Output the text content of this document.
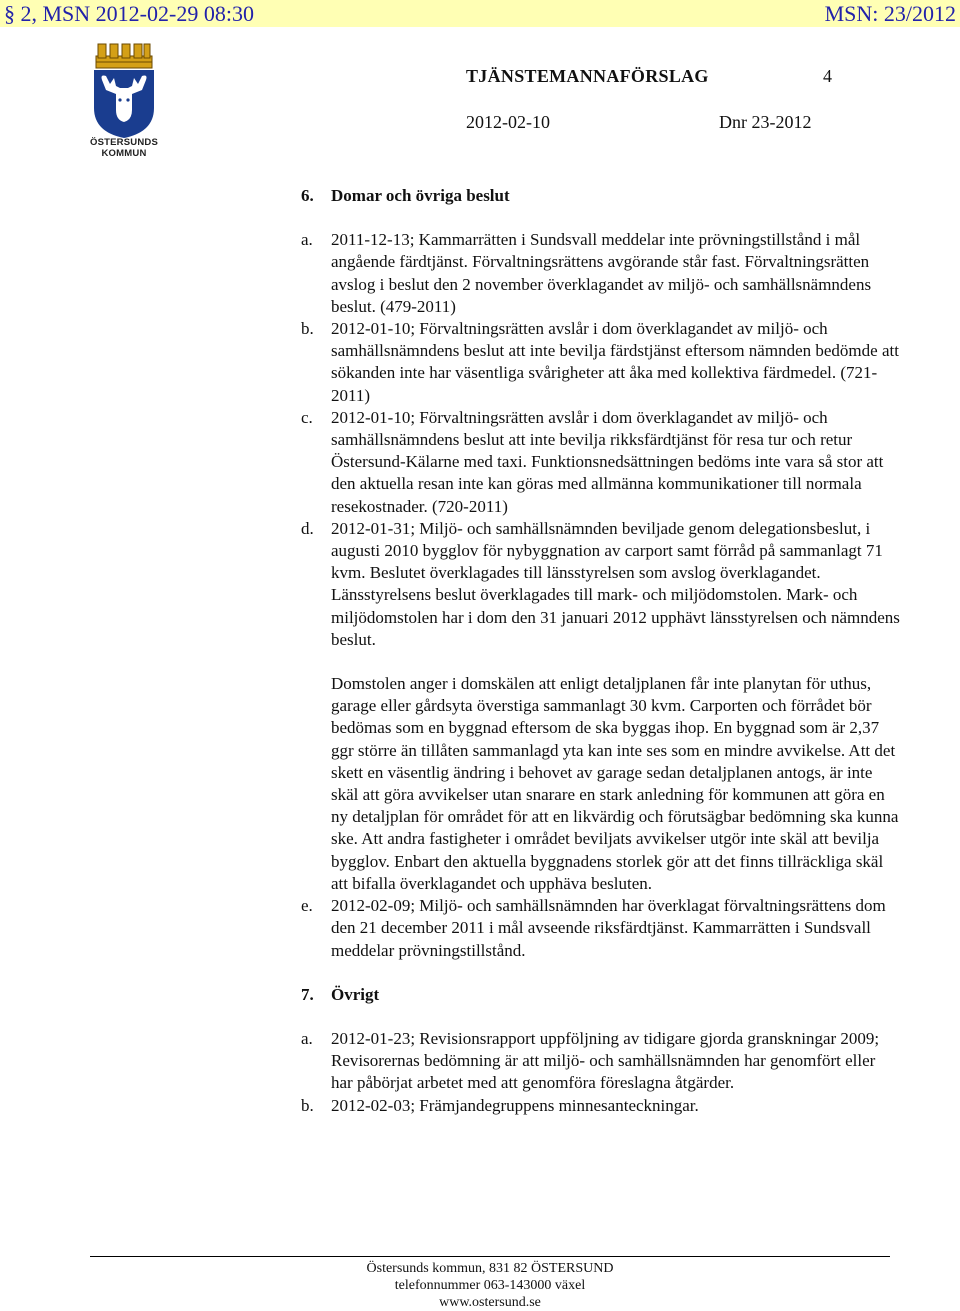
§ 2, MSN 2012-02-29 08:30	MSN: 23/2012
ÖSTERSUNDS
KOMMUN
TJÄNSTEMANNAFÖRSLAG	4
2012-02-10	Dnr 23-2012
6.	Domar och övriga beslut
a.	2011-12-13; Kammarrätten i Sundsvall meddelar inte prövningstillstånd i mål angående färdtjänst. Förvaltningsrättens avgörande står fast. Förvaltningsrätten avslog i beslut den 2 november överklagandet av miljö- och samhällsnämndens beslut. (479-2011)
b.	2012-01-10; Förvaltningsrätten avslår i dom överklagandet av miljö- och samhällsnämndens beslut att inte bevilja färdstjänst eftersom nämnden bedömde att sökanden inte har väsentliga svårigheter att åka med kollektiva färdmedel. (721-2011)
c.	2012-01-10; Förvaltningsrätten avslår i dom överklagandet av miljö- och samhällsnämndens beslut att inte bevilja rikksfärdtjänst för resa tur och retur Östersund-Kälarne med taxi. Funktionsnedsättningen bedöms inte vara så stor att den aktuella resan inte kan göras med allmänna kommunikationer till normala resekostnader. (720-2011)
d.	2012-01-31; Miljö- och samhällsnämnden beviljade genom delegationsbeslut, i augusti 2010 bygglov för nybyggnation av carport samt förråd på sammanlagt 71 kvm. Beslutet överklagades till länsstyrelsen som avslog överklagandet. Länsstyrelsens beslut överklagades till mark- och miljödomstolen. Mark- och miljödomstolen har i dom den 31 januari 2012 upphävt länsstyrelsen och nämndens beslut.

Domstolen anger i domskälen att enligt detaljplanen får inte planytan för uthus, garage eller gårdsyta överstiga sammanlagt 30 kvm. Carporten och förrådet bör bedömas som en byggnad eftersom de ska byggas ihop. En byggnad som är 2,37 ggr större än tillåten sammanlagd yta kan inte ses som en mindre avvikelse. Att det skett en väsentlig ändring i behovet av garage sedan detaljplanen antogs, är inte skäl att göra avvikelser utan snarare en stark anledning för kommunen att göra en ny detaljplan för området för att en likvärdig och förutsägbar bedömning ska kunna ske. Att andra fastigheter i området beviljats avvikelser utgör inte skäl att bevilja bygglov. Enbart den aktuella byggnadens storlek gör att det finns tillräckliga skäl att bifalla överklagandet och upphäva besluten.

e.	2012-02-09; Miljö- och samhällsnämnden har överklagat förvaltningsrättens dom den 21 december 2011 i mål avseende riksfärdtjänst. Kammarrätten i Sundsvall meddelar prövningstillstånd.
7.	Övrigt
a.	2012-01-23; Revisionsrapport uppföljning av tidigare gjorda granskningar 2009; Revisorernas bedömning är att miljö- och samhällsnämnden har genomfört eller har påbörjat arbetet med att genomföra föreslagna åtgärder.
b.	2012-02-03; Främjandegruppens minnesanteckningar.
Östersunds kommun, 831 82 ÖSTERSUND
telefonnummer 063-143000 växel
www.ostersund.se
